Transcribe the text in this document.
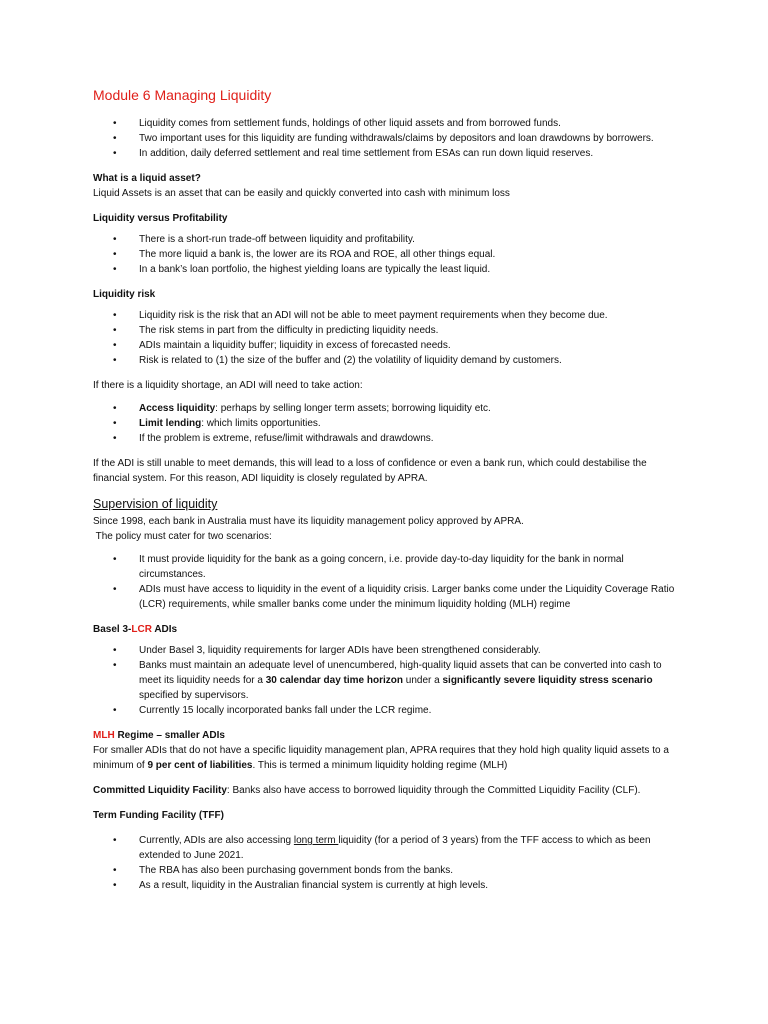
Module 6 Managing Liquidity
• Liquidity comes from settlement funds, holdings of other liquid assets and from borrowed funds.
• Two important uses for this liquidity are funding withdrawals/claims by depositors and loan drawdowns by borrowers.
• In addition, daily deferred settlement and real time settlement from ESAs can run down liquid reserves.
What is a liquid asset?
Liquid Assets is an asset that can be easily and quickly converted into cash with minimum loss
Liquidity versus Profitability
• There is a short-run trade-off between liquidity and profitability.
• The more liquid a bank is, the lower are its ROA and ROE, all other things equal.
• In a bank’s loan portfolio, the highest yielding loans are typically the least liquid.
Liquidity risk
• Liquidity risk is the risk that an ADI will not be able to meet payment requirements when they become due.
• The risk stems in part from the difficulty in predicting liquidity needs.
• ADIs maintain a liquidity buffer; liquidity in excess of forecasted needs.
• Risk is related to (1) the size of the buffer and (2) the volatility of liquidity demand by customers.
If there is a liquidity shortage, an ADI will need to take action:
• Access liquidity: perhaps by selling longer term assets; borrowing liquidity etc.
• Limit lending: which limits opportunities.
• If the problem is extreme, refuse/limit withdrawals and drawdowns.
If the ADI is still unable to meet demands, this will lead to a loss of confidence or even a bank run, which could destabilise the financial system. For this reason, ADI liquidity is closely regulated by APRA.
Supervision of liquidity
Since 1998, each bank in Australia must have its liquidity management policy approved by APRA.
The policy must cater for two scenarios:
• It must provide liquidity for the bank as a going concern, i.e. provide day-to-day liquidity for the bank in normal circumstances.
• ADIs must have access to liquidity in the event of a liquidity crisis. Larger banks come under the Liquidity Coverage Ratio (LCR) requirements, while smaller banks come under the minimum liquidity holding (MLH) regime
Basel 3-LCR ADIs
• Under Basel 3, liquidity requirements for larger ADIs have been strengthened considerably.
• Banks must maintain an adequate level of unencumbered, high-quality liquid assets that can be converted into cash to meet its liquidity needs for a 30 calendar day time horizon under a significantly severe liquidity stress scenario specified by supervisors.
• Currently 15 locally incorporated banks fall under the LCR regime.
MLH Regime – smaller ADIs
For smaller ADIs that do not have a specific liquidity management plan, APRA requires that they hold high quality liquid assets to a minimum of 9 per cent of liabilities. This is termed a minimum liquidity holding regime (MLH)
Committed Liquidity Facility: Banks also have access to borrowed liquidity through the Committed Liquidity Facility (CLF).
Term Funding Facility (TFF)
• Currently, ADIs are also accessing long term liquidity (for a period of 3 years) from the TFF access to which as been extended to June 2021.
• The RBA has also been purchasing government bonds from the banks.
• As a result, liquidity in the Australian financial system is currently at high levels.
